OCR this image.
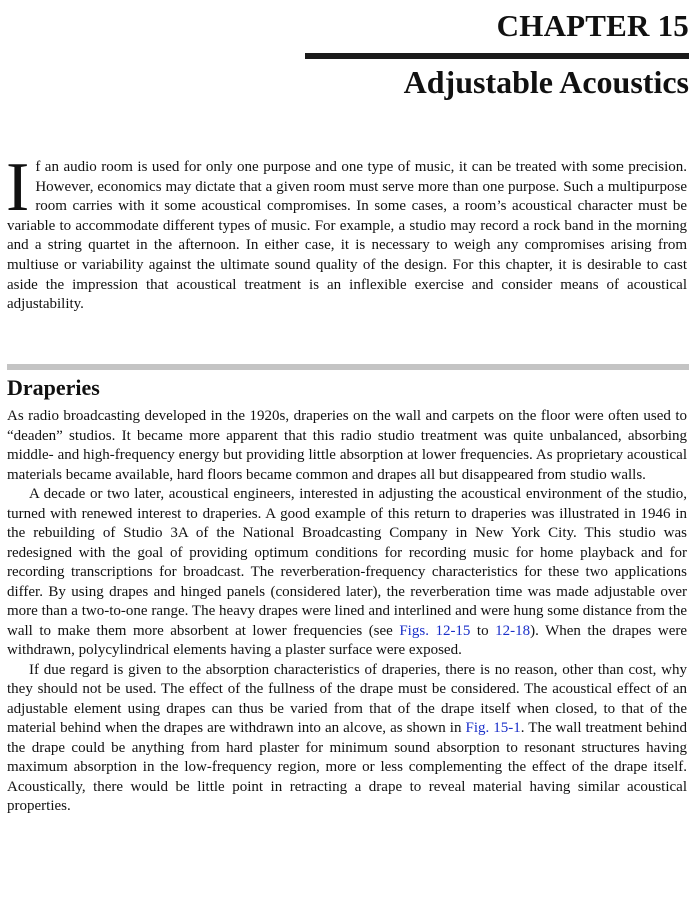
CHAPTER 15
Adjustable Acoustics

If an audio room is used for only one purpose and one type of music, it can be treated with some precision. However, economics may dictate that a given room must serve more than one purpose. Such a multipurpose room carries with it some acoustical compromises. In some cases, a room’s acoustical character must be variable to accommodate different types of music. For example, a studio may record a rock band in the morning and a string quartet in the afternoon. In either case, it is necessary to weigh any compromises arising from multiuse or variability against the ultimate sound quality of the design. For this chapter, it is desirable to cast aside the impression that acoustical treatment is an inflexible exercise and consider means of acoustical adjustability.

Draperies

As radio broadcasting developed in the 1920s, draperies on the wall and carpets on the floor were often used to “deaden” studios. It became more apparent that this radio studio treatment was quite unbalanced, absorbing middle- and high-frequency energy but providing little absorption at lower frequencies. As proprietary acoustical materials became available, hard floors became common and drapes all but disappeared from studio walls.

A decade or two later, acoustical engineers, interested in adjusting the acoustical environment of the studio, turned with renewed interest to draperies. A good example of this return to draperies was illustrated in 1946 in the rebuilding of Studio 3A of the National Broadcasting Company in New York City. This studio was redesigned with the goal of providing optimum conditions for recording music for home playback and for recording transcriptions for broadcast. The reverberation-frequency characteristics for these two applications differ. By using drapes and hinged panels (considered later), the reverberation time was made adjustable over more than a two-to-one range. The heavy drapes were lined and interlined and were hung some distance from the wall to make them more absorbent at lower frequencies (see Figs. 12-15 to 12-18). When the drapes were withdrawn, polycylindrical elements having a plaster surface were exposed.

If due regard is given to the absorption characteristics of draperies, there is no reason, other than cost, why they should not be used. The effect of the fullness of the drape must be considered. The acoustical effect of an adjustable element using drapes can thus be varied from that of the drape itself when closed, to that of the material behind when the drapes are withdrawn into an alcove, as shown in Fig. 15-1. The wall treatment behind the drape could be anything from hard plaster for minimum sound absorption to resonant structures having maximum absorption in the low-frequency region, more or less complementing the effect of the drape itself. Acoustically, there would be little point in retracting a drape to reveal material having similar acoustical properties.
